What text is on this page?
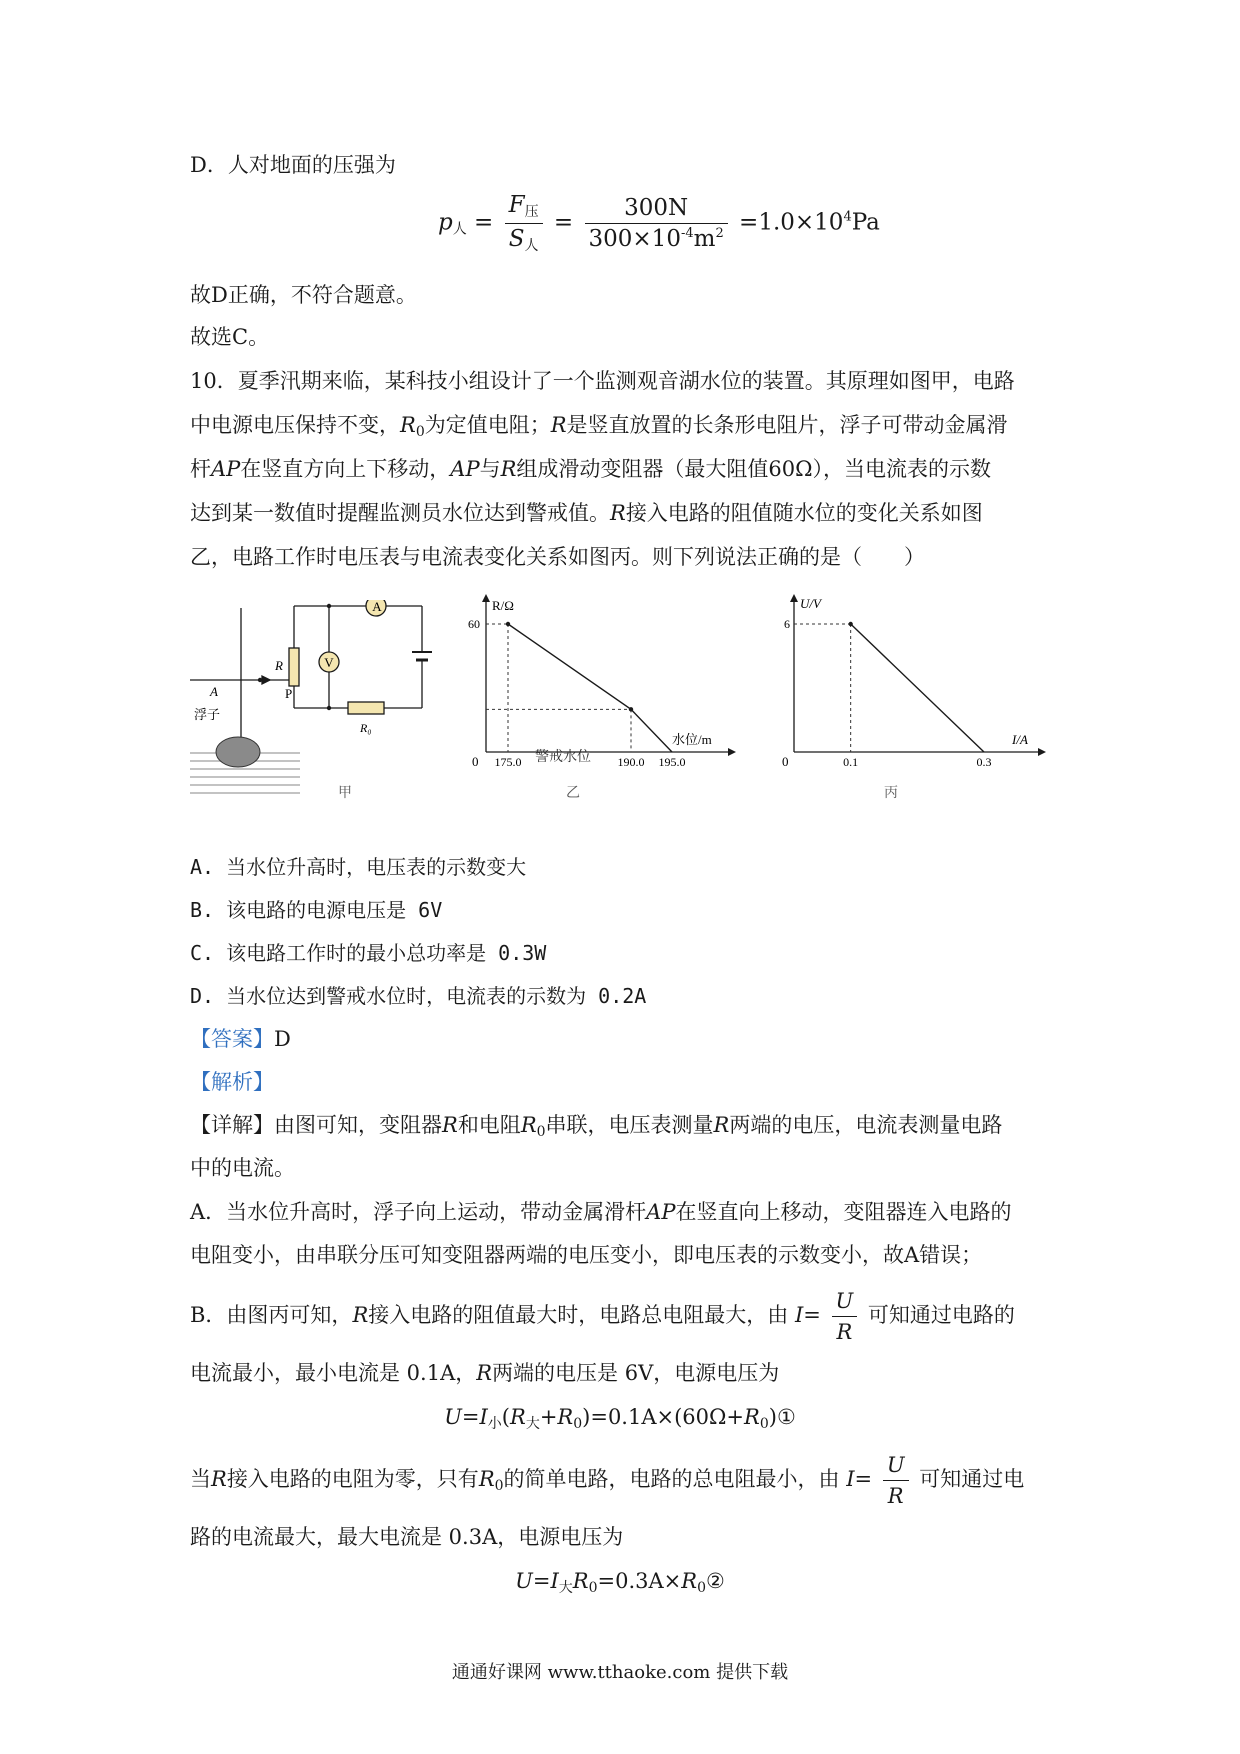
D．人对地面的压强为
$p_人 = \frac{F_压}{S_人} = \frac{300N}{300\times 10^{-4}m^2} =1.0\times 10^4Pa$
故D正确，不符合题意。
故选C。
10．夏季汛期来临，某科技小组设计了一个监测观音湖水位的装置。其原理如图甲，电路
中电源电压保持不变，$R_0$为定值电阻；R是竖直放置的长条形电阻片，浮子可带动金属滑
杆AP在竖直方向上下移动，AP与R组成滑动变阻器（最大阻值60Ω），当电流表的示数
达到某一数值时提醒监测员水位达到警戒值。R接入电路的阻值随水位的变化关系如图
乙，电路工作时电压表与电流表变化关系如图丙。则下列说法正确的是（　　）
A
V
R
P
A
浮子
R₀
甲
R/Ω
水位/m
0 175.0	190.0 195.0
60
警戒水位
乙
U/V
I/A
0	0.1	0.3
6
丙
A. 当水位升高时，电压表的示数变大
B. 该电路的电源电压是 6V
C. 该电路工作时的最小总功率是 0.3W
D. 当水位达到警戒水位时，电流表的示数为 0.2A
【答案】D
【解析】
【详解】由图可知，变阻器R和电阻$R_0$串联，电压表测量R两端的电压，电流表测量电路
中的电流。
A．当水位升高时，浮子向上运动，带动金属滑杆AP在竖直向上移动，变阻器连入电路的
电阻变小，由串联分压可知变阻器两端的电压变小，即电压表的示数变小，故A错误；
B．由图丙可知，R接入电路的阻值最大时，电路总电阻最大，由 $I= \frac{U}{R}$ 可知通过电路的
电流最小，最小电流是 0.1A，R两端的电压是 6V，电源电压为
$U=I_小(R_大+R_0)=0.1A\times(60\Omega+R_0)①$
当R接入电路的电阻为零，只有$R_0$的简单电路，电路的总电阻最小，由 $I= \frac{U}{R}$ 可知通过电
路的电流最大，最大电流是 0.3A，电源电压为
$U=I_大R_0=0.3A\times R_0②$
通通好课网 www.tthaoke.com 提供下载
